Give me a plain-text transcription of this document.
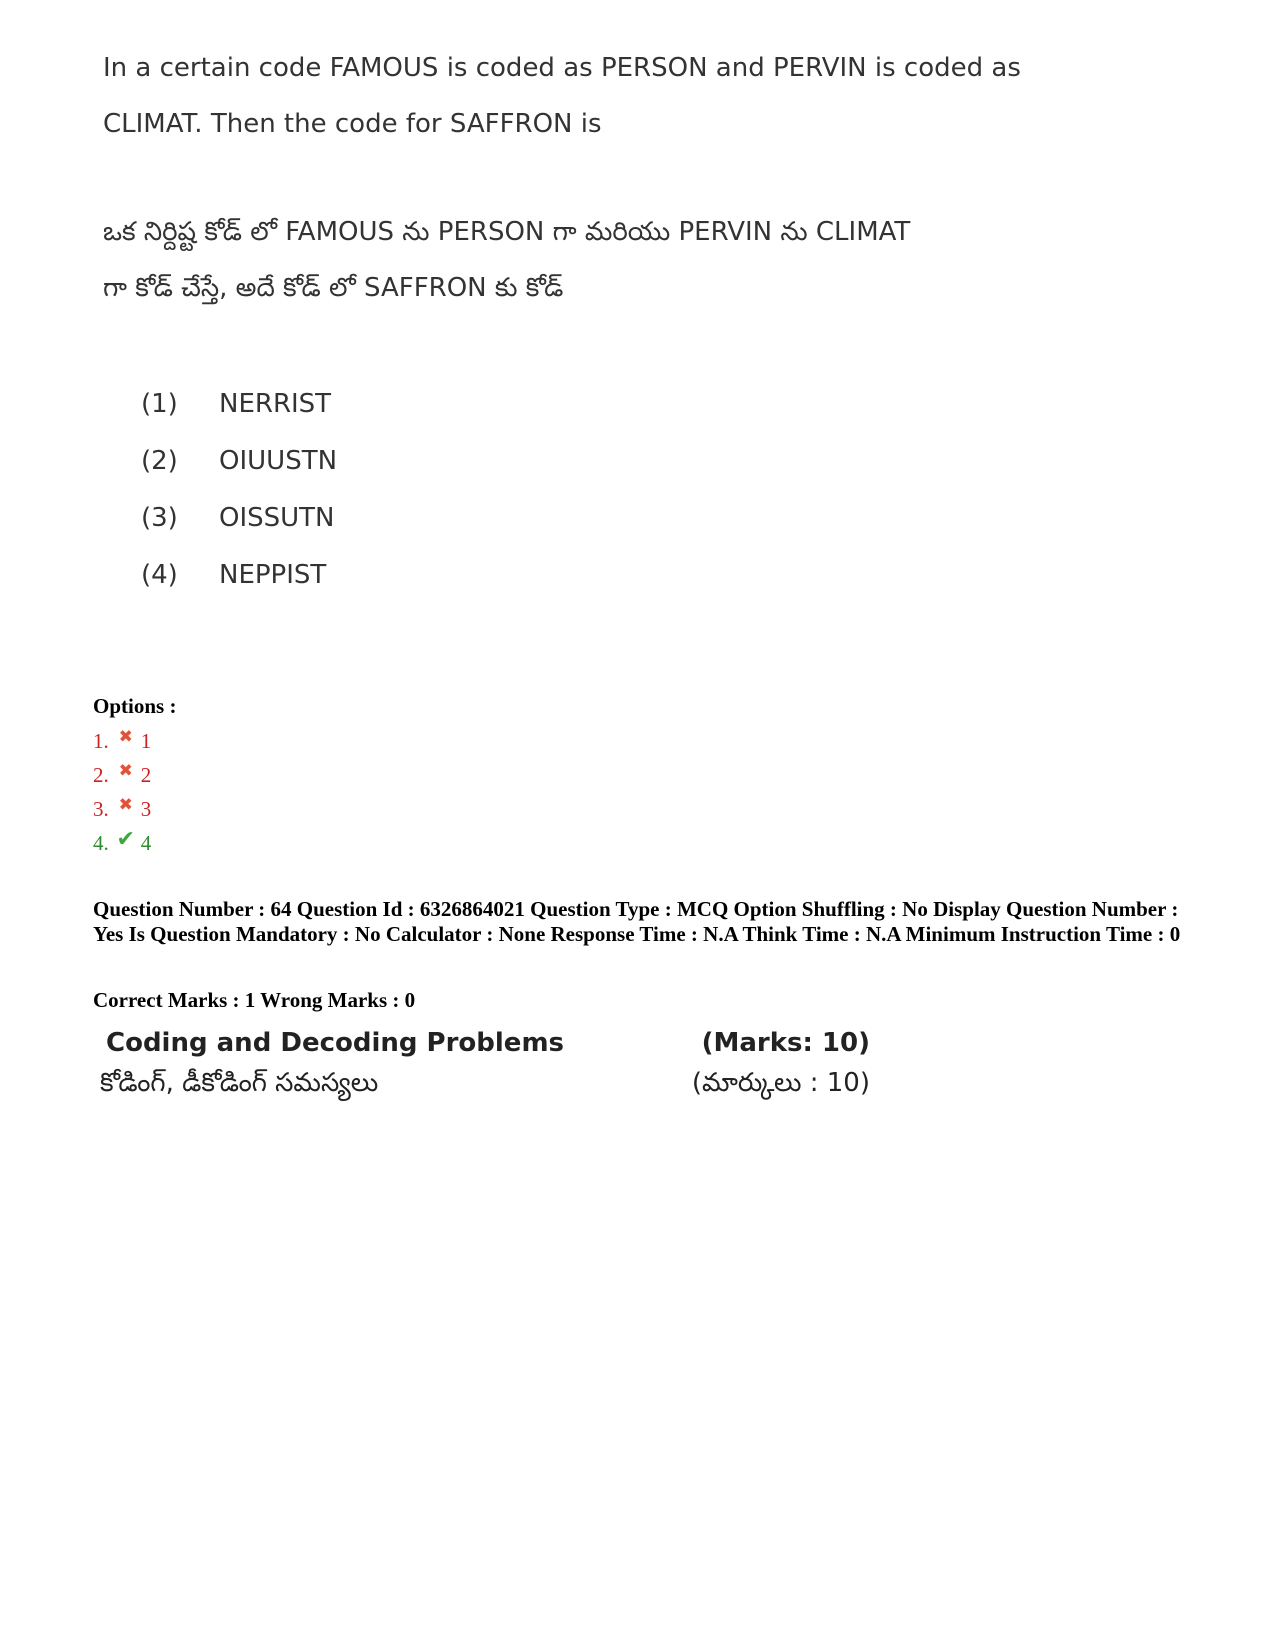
In a certain code FAMOUS is coded as PERSON and PERVIN is coded as
CLIMAT. Then the code for SAFFRON is
ఒక నిర్దిష్ట కోడ్ లో FAMOUS ను PERSON గా మరియు PERVIN ను CLIMAT
గా కోడ్ చేస్తే, అదే కోడ్ లో SAFFRON కు కోడ్
(1) NERRIST
(2) OIUUSTN
(3) OISSUTN
(4) NEPPIST
Options :
1. ✖ 1
2. ✖ 2
3. ✖ 3
4. ✔ 4
Question Number : 64 Question Id : 6326864021 Question Type : MCQ Option Shuffling : No Display Question Number : Yes Is Question Mandatory : No Calculator : None Response Time : N.A Think Time : N.A Minimum Instruction Time : 0
Correct Marks : 1 Wrong Marks : 0
Coding and Decoding Problems	(Marks: 10)
కోడింగ్, డీకోడింగ్ సమస్యలు	(మార్కులు : 10)
